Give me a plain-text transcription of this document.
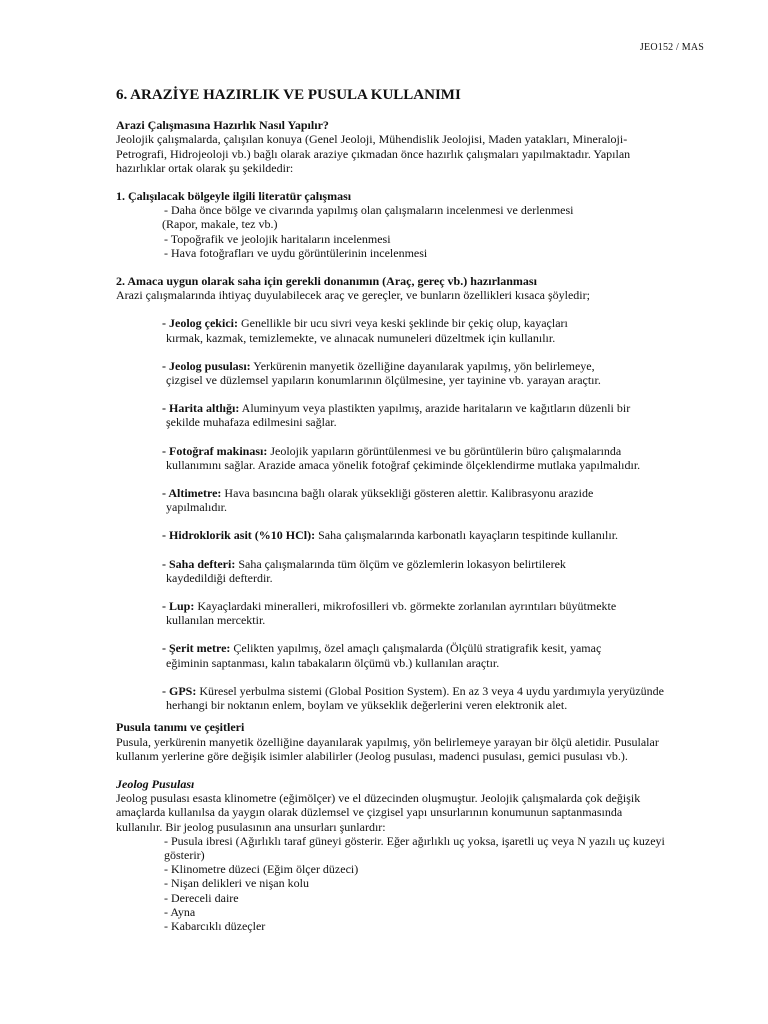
JEO152 / MAS
6. ARAZİYE HAZIRLIK VE PUSULA KULLANIMI
Arazi Çalışmasına Hazırlık Nasıl Yapılır?
Jeolojik çalışmalarda, çalışılan konuya (Genel Jeoloji, Mühendislik Jeolojisi, Maden yatakları, Mineraloji-
Petrografi, Hidrojeoloji vb.) bağlı olarak araziye çıkmadan önce hazırlık çalışmaları yapılmaktadır. Yapılan
hazırlıklar ortak olarak şu şekildedir:
1. Çalışılacak bölgeyle ilgili literatür çalışması
- Daha önce bölge ve civarında yapılmış olan çalışmaların incelenmesi ve derlenmesi
(Rapor, makale, tez vb.)
- Topoğrafik ve jeolojik haritaların incelenmesi
- Hava fotoğrafları ve uydu görüntülerinin incelenmesi
2. Amaca uygun olarak saha için gerekli donanımın (Araç, gereç vb.) hazırlanması
Arazi çalışmalarında ihtiyaç duyulabilecek araç ve gereçler, ve bunların özellikleri kısaca şöyledir;
- Jeolog çekici: Genellikle bir ucu sivri veya keski şeklinde bir çekiç olup, kayaçları
kırmak, kazmak, temizlemekte, ve alınacak numuneleri düzeltmek için kullanılır.
- Jeolog pusulası: Yerkürenin manyetik özelliğine dayanılarak yapılmış, yön belirlemeye,
çizgisel ve düzlemsel yapıların konumlarının ölçülmesine, yer tayinine vb. yarayan araçtır.
- Harita altlığı: Aluminyum veya plastikten yapılmış, arazide haritaların ve kağıtların düzenli bir
şekilde muhafaza edilmesini sağlar.
- Fotoğraf makinası: Jeolojik yapıların görüntülenmesi ve bu görüntülerin büro çalışmalarında
kullanımını sağlar. Arazide amaca yönelik fotoğraf çekiminde ölçeklendirme mutlaka yapılmalıdır.
- Altimetre: Hava basıncına bağlı olarak yüksekliği gösteren alettir. Kalibrasyonu arazide
yapılmalıdır.
- Hidroklorik asit (%10 HCl): Saha çalışmalarında karbonatlı kayaçların tespitinde kullanılır.
- Saha defteri: Saha çalışmalarında tüm ölçüm ve gözlemlerin lokasyon belirtilerek
kaydedildiği defterdir.
- Lup: Kayaçlardaki mineralleri, mikrofosilleri vb. görmekte zorlanılan ayrıntıları büyütmekte
kullanılan mercektir.
- Şerit metre: Çelikten yapılmış, özel amaçlı çalışmalarda (Ölçülü stratigrafik kesit, yamaç
eğiminin saptanması, kalın tabakaların ölçümü vb.) kullanılan araçtır.
- GPS: Küresel yerbulma sistemi (Global Position System). En az 3 veya 4 uydu yardımıyla yeryüzünde
herhangi bir noktanın enlem, boylam ve yükseklik değerlerini veren elektronik alet.
Pusula tanımı ve çeşitleri
Pusula, yerkürenin manyetik özelliğine dayanılarak yapılmış, yön belirlemeye yarayan bir ölçü aletidir. Pusulalar
kullanım yerlerine göre değişik isimler alabilirler (Jeolog pusulası, madenci pusulası, gemici pusulası vb.).
Jeolog Pusulası
Jeolog pusulası esasta klinometre (eğimölçer) ve el düzecinden oluşmuştur. Jeolojik çalışmalarda çok değişik
amaçlarda kullanılsa da yaygın olarak düzlemsel ve çizgisel yapı unsurlarının konumunun saptanmasında
kullanılır. Bir jeolog pusulasının ana unsurları şunlardır:
- Pusula ibresi (Ağırlıklı taraf güneyi gösterir. Eğer ağırlıklı uç yoksa, işaretli uç veya N yazılı uç kuzeyi
gösterir)
- Klinometre düzeci (Eğim ölçer düzeci)
- Nişan delikleri ve nişan kolu
- Dereceli daire
- Ayna
- Kabarcıklı düzeçler
